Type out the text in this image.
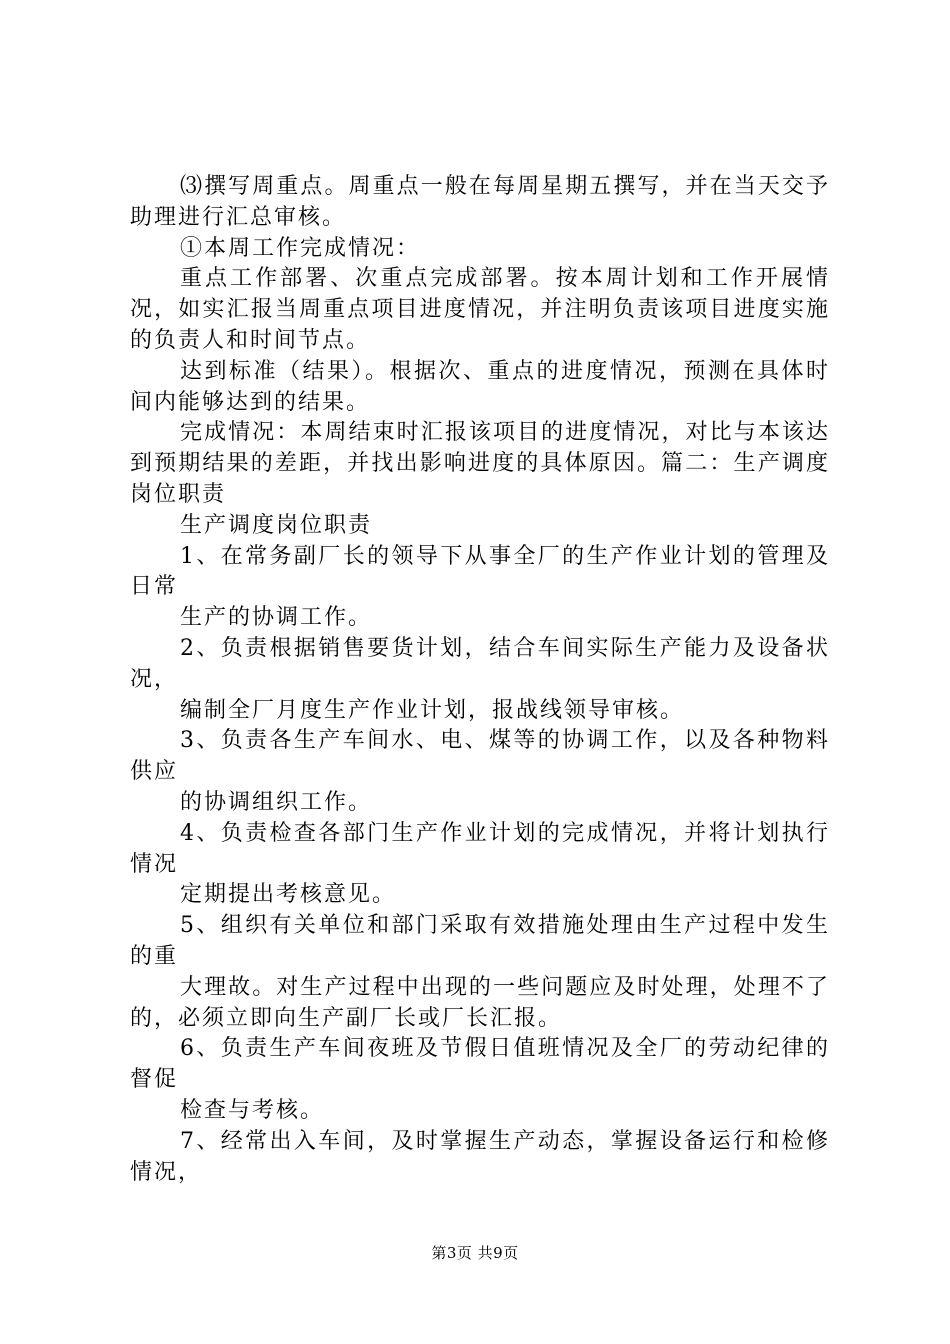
⑶撰写周重点。周重点一般在每周星期五撰写，并在当天交予助理进行汇总审核。

①本周工作完成情况：

重点工作部署、次重点完成部署。按本周计划和工作开展情况，如实汇报当周重点项目进度情况，并注明负责该项目进度实施的负责人和时间节点。

达到标准（结果）。根据次、重点的进度情况，预测在具体时间内能够达到的结果。

完成情况：本周结束时汇报该项目的进度情况，对比与本该达到预期结果的差距，并找出影响进度的具体原因。篇二：生产调度岗位职责

生产调度岗位职责

1、在常务副厂长的领导下从事全厂的生产作业计划的管理及日常

生产的协调工作。

2、负责根据销售要货计划，结合车间实际生产能力及设备状况，

编制全厂月度生产作业计划，报战线领导审核。

3、负责各生产车间水、电、煤等的协调工作，以及各种物料供应

的协调组织工作。

4、负责检查各部门生产作业计划的完成情况，并将计划执行情况

定期提出考核意见。

5、组织有关单位和部门采取有效措施处理由生产过程中发生的重

大理故。对生产过程中出现的一些问题应及时处理，处理不了的，必须立即向生产副厂长或厂长汇报。

6、负责生产车间夜班及节假日值班情况及全厂的劳动纪律的督促

检查与考核。

7、经常出入车间，及时掌握生产动态，掌握设备运行和检修情况，

第3页 共9页
